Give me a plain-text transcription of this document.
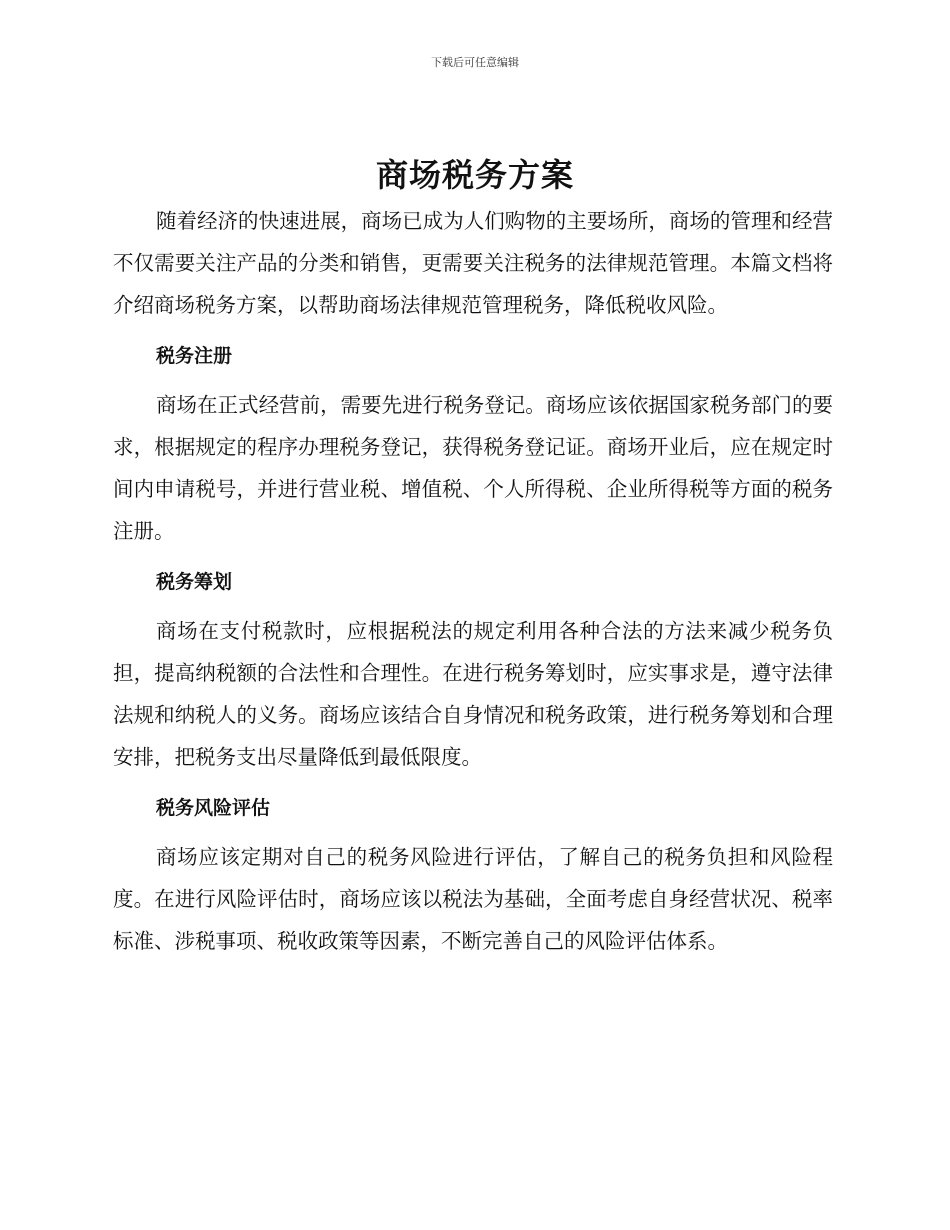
下载后可任意编辑
商场税务方案

随着经济的快速进展，商场已成为人们购物的主要场所，商场的管理和经营不仅需要关注产品的分类和销售，更需要关注税务的法律规范管理。本篇文档将介绍商场税务方案，以帮助商场法律规范管理税务，降低税收风险。

税务注册

商场在正式经营前，需要先进行税务登记。商场应该依据国家税务部门的要求，根据规定的程序办理税务登记，获得税务登记证。商场开业后，应在规定时间内申请税号，并进行营业税、增值税、个人所得税、企业所得税等方面的税务注册。

税务筹划

商场在支付税款时，应根据税法的规定利用各种合法的方法来减少税务负担，提高纳税额的合法性和合理性。在进行税务筹划时，应实事求是，遵守法律法规和纳税人的义务。商场应该结合自身情况和税务政策，进行税务筹划和合理安排，把税务支出尽量降低到最低限度。

税务风险评估

商场应该定期对自己的税务风险进行评估，了解自己的税务负担和风险程度。在进行风险评估时，商场应该以税法为基础，全面考虑自身经营状况、税率标准、涉税事项、税收政策等因素，不断完善自己的风险评估体系。
